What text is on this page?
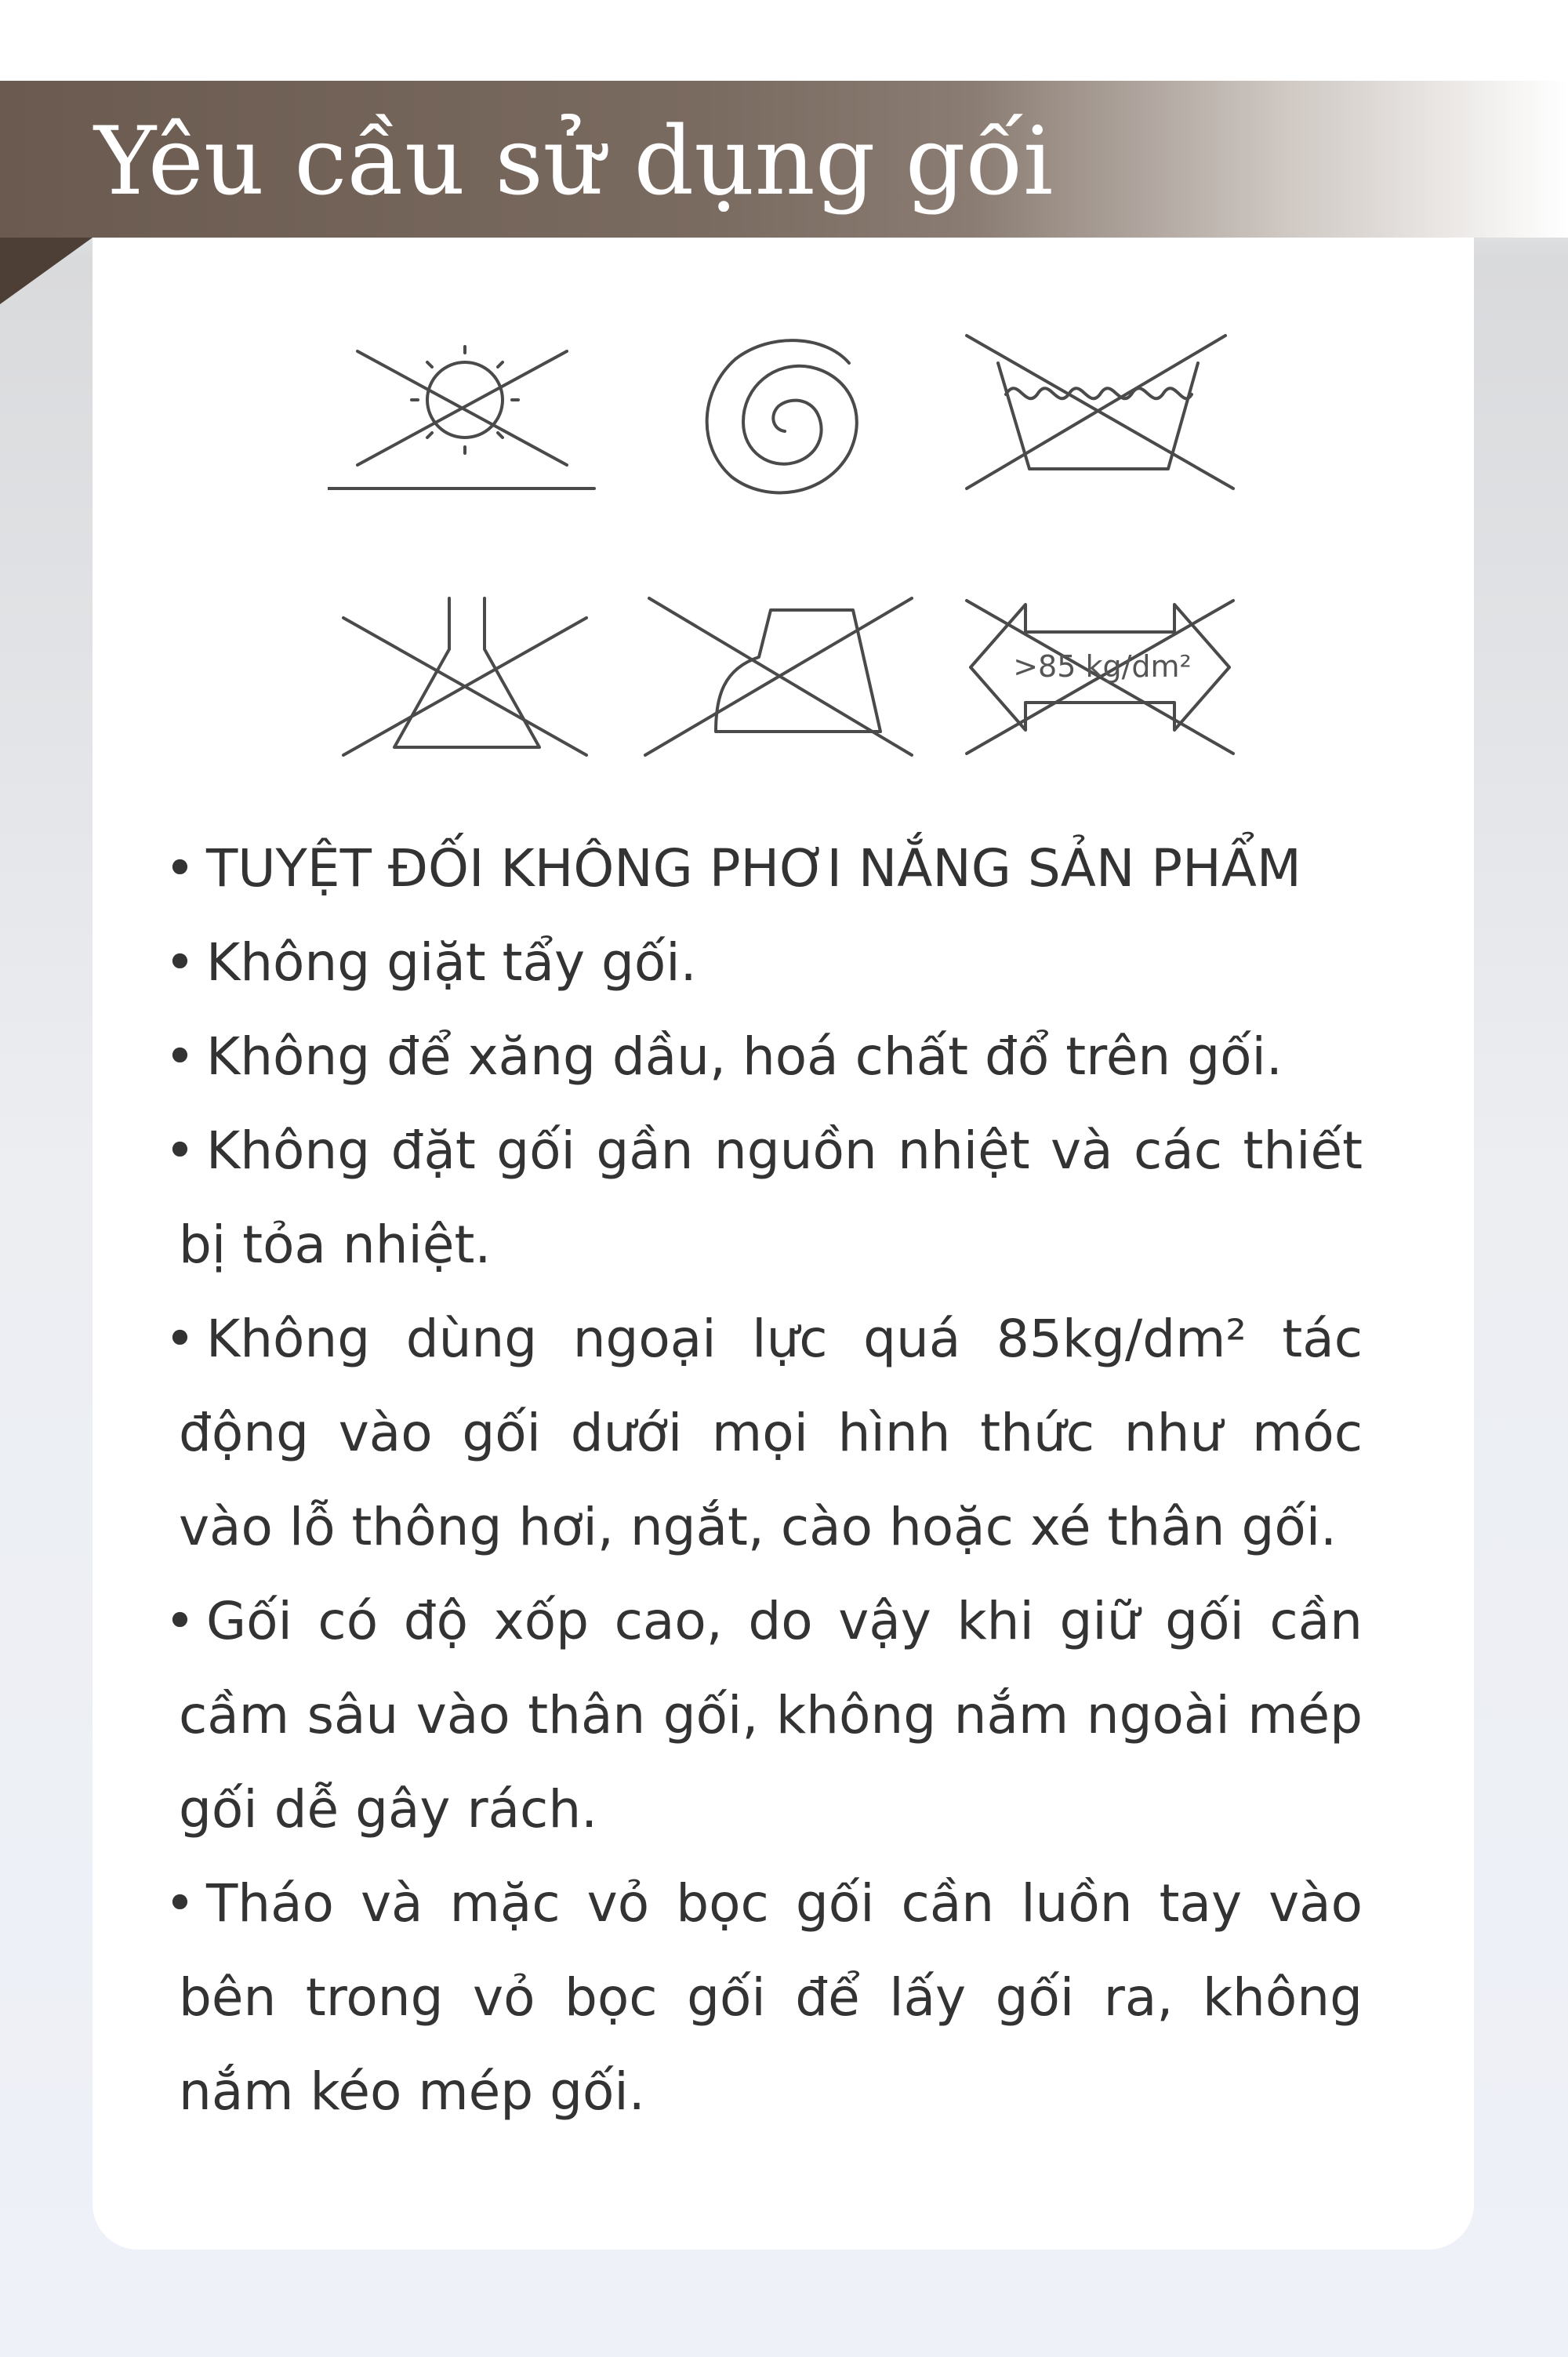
Yêu cầu sử dụng gối
>85 kg/dm²
• TUYỆT ĐỐI KHÔNG PHƠI NẮNG SẢN PHẨM
• Không giặt tẩy gối.
• Không để xăng dầu, hoá chất đổ trên gối.
• Không đặt gối gần nguồn nhiệt và các thiết bị tỏa nhiệt.
• Không dùng ngoại lực quá 85kg/dm² tác động vào gối dưới mọi hình thức như móc vào lỗ thông hơi, ngắt, cào hoặc xé thân gối.
• Gối có độ xốp cao, do vậy khi giữ gối cần cầm sâu vào thân gối, không nắm ngoài mép gối dễ gây rách.
• Tháo và mặc vỏ bọc gối cần luồn tay vào bên trong vỏ bọc gối để lấy gối ra, không nắm kéo mép gối.
